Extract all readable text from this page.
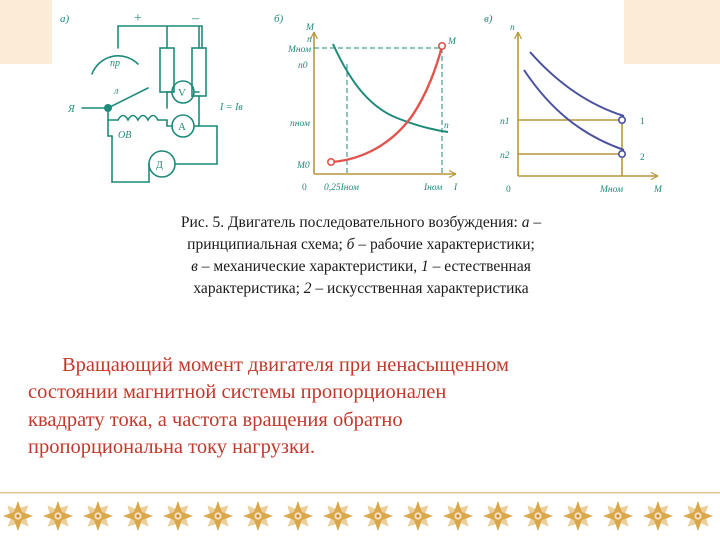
а)	+	–
пр
л
Я
ОВ
Д
V
A
I = Iв
б)
М
n
Мном
n0
nном
М0
0 0,25Iном	Iном I
М
n
в)
n
n1
n2
0	Мном	М
1
2
Рис. 5. Двигатель последовательного возбуждения: а –
принципиальная схема; б – рабочие характеристики;
в – механические характеристики, 1 – естественная
характеристика; 2 – искусственная характеристика

Вращающий момент двигателя при ненасыщенном

состоянии магнитной системы пропорционален

квадрату тока, а частота вращения обратно

пропорциональна току нагрузки.
